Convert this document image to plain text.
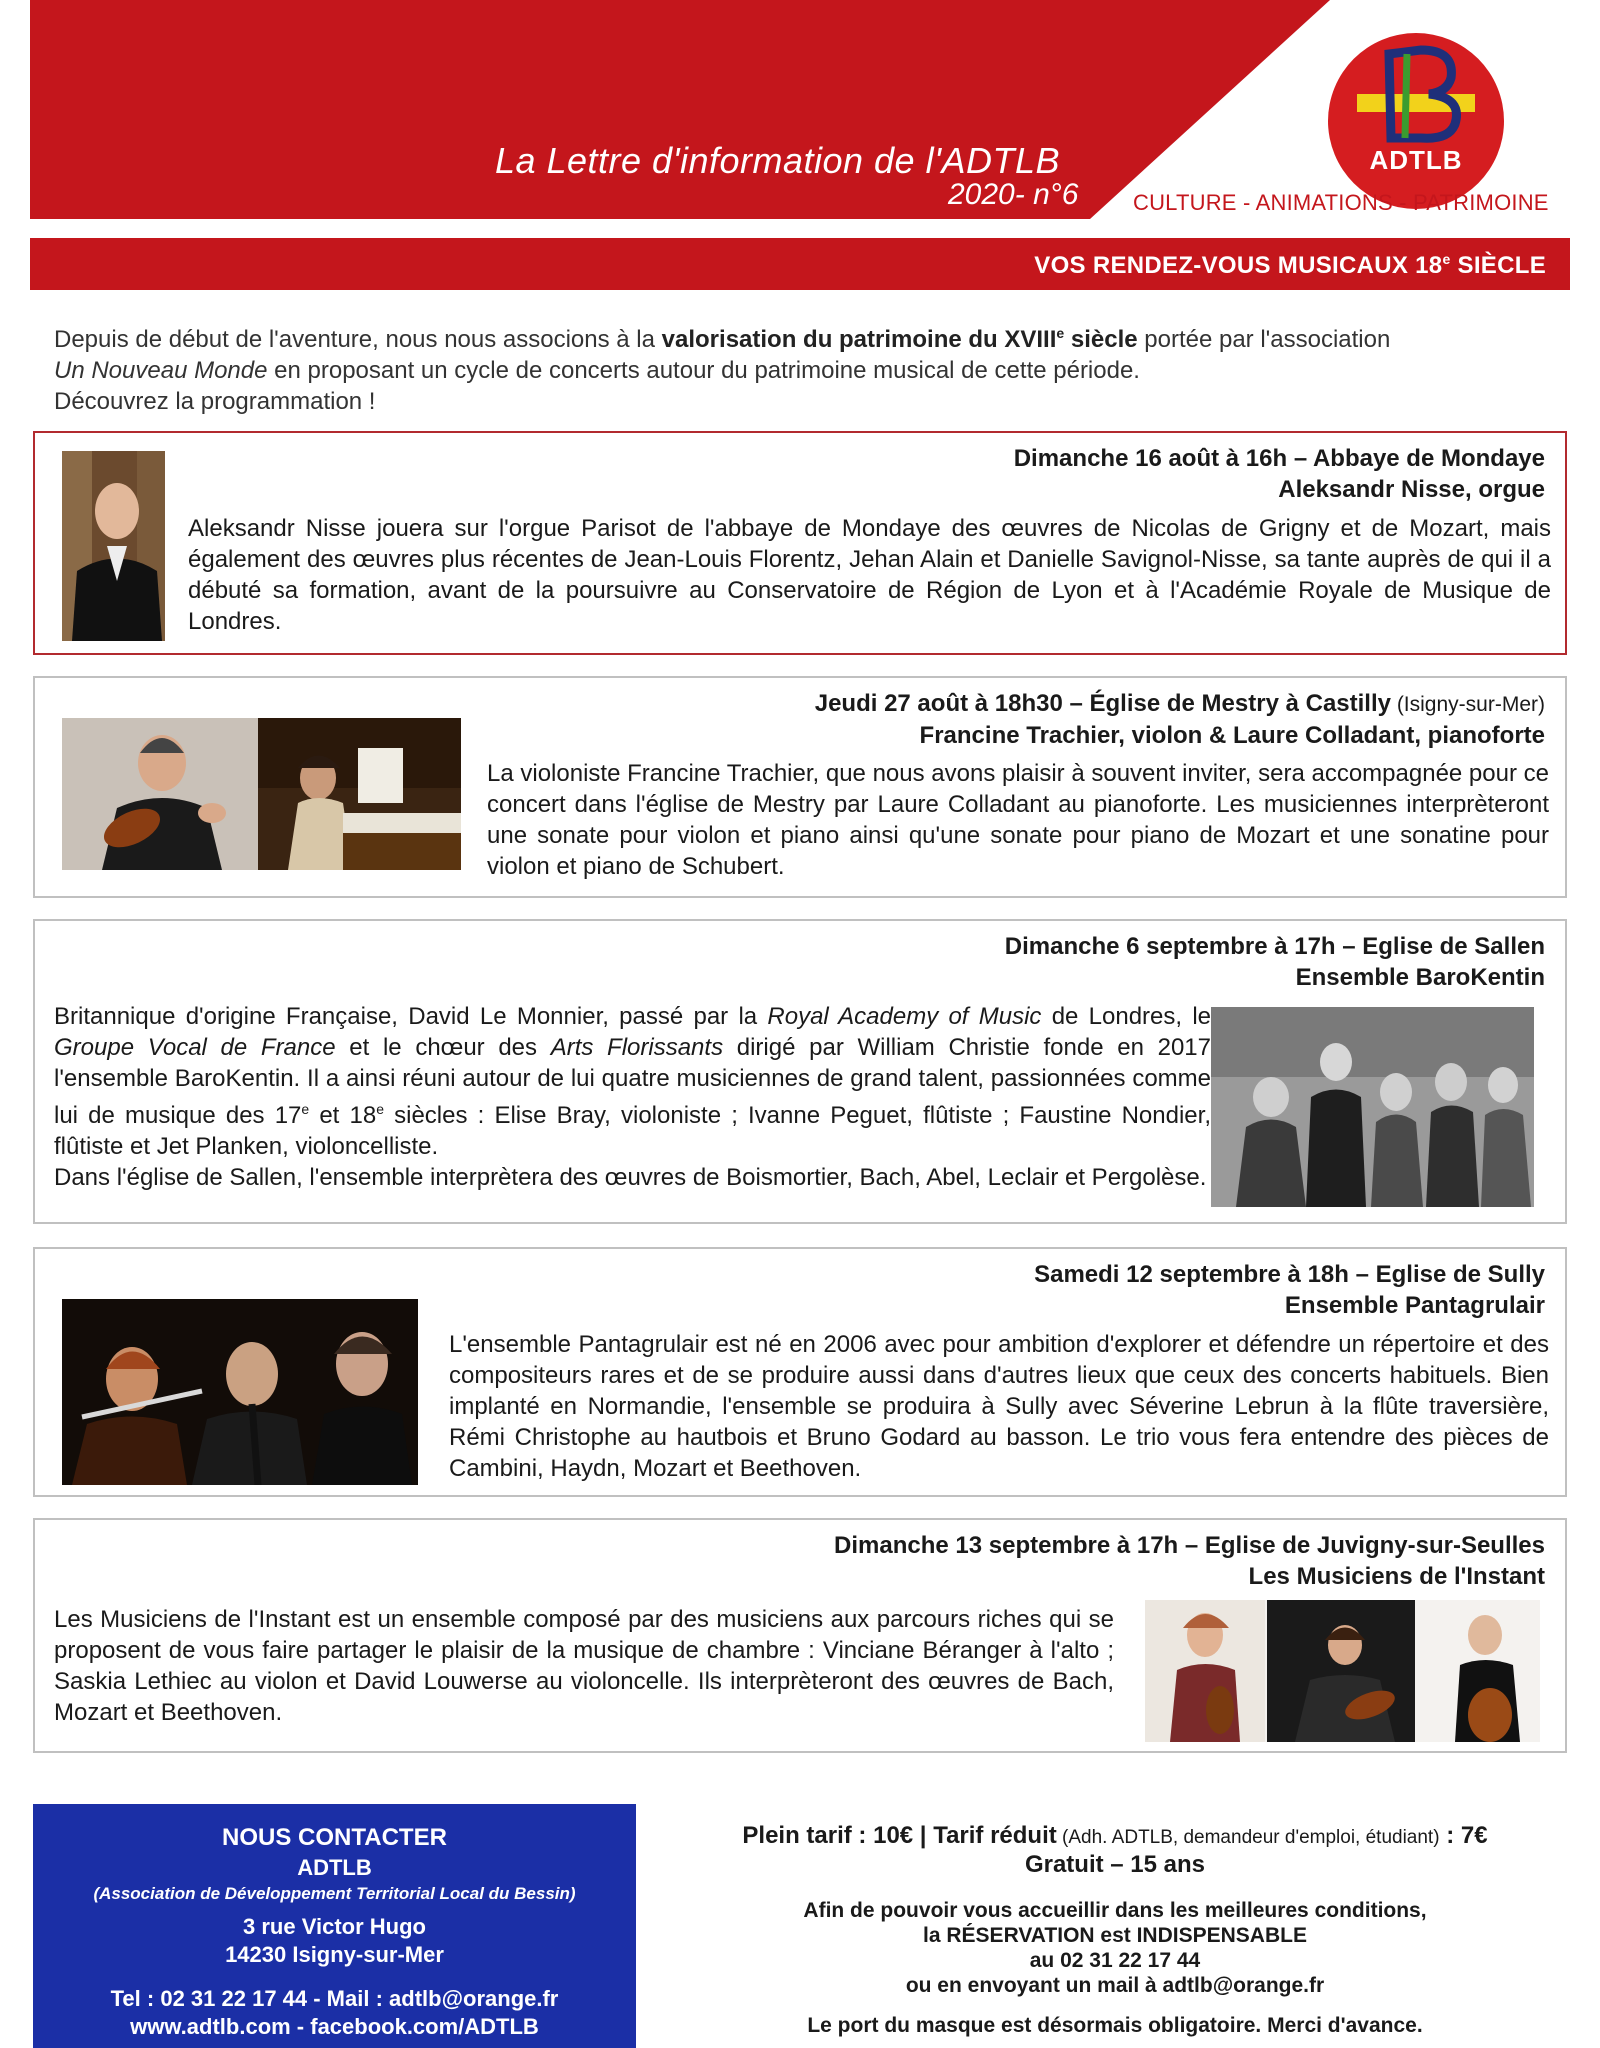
La Lettre d'information de l'ADTLB
2020- n°6
ADTLB
CULTURE - ANIMATIONS - PATRIMOINE
VOS RENDEZ-VOUS MUSICAUX 18e SIÈCLE
Depuis de début de l'aventure, nous nous associons à la valorisation du patrimoine du XVIIIe siècle portée par l'association
Un Nouveau Monde en proposant un cycle de concerts autour du patrimoine musical de cette période.
Découvrez la programmation !
Dimanche 16 août à 16h – Abbaye de Mondaye
Aleksandr Nisse, orgue
Aleksandr Nisse jouera sur l'orgue Parisot de l'abbaye de Mondaye des œuvres de Nicolas de Grigny et de Mozart, mais également des œuvres plus récentes de Jean-Louis Florentz, Jehan Alain et Danielle Savignol-Nisse, sa tante auprès de qui il a débuté sa formation, avant de la poursuivre au Conservatoire de Région de Lyon et à l'Académie Royale de Musique de Londres.
Jeudi 27 août à 18h30 – Église de Mestry à Castilly (Isigny-sur-Mer)
Francine Trachier, violon & Laure Colladant, pianoforte
La violoniste Francine Trachier, que nous avons plaisir à souvent inviter, sera accompagnée pour ce concert dans l'église de Mestry par Laure Colladant au pianoforte. Les musiciennes interprèteront une sonate pour violon et piano ainsi qu'une sonate pour piano de Mozart et une sonatine pour violon et piano de Schubert.
Dimanche 6 septembre à 17h – Eglise de Sallen
Ensemble BaroKentin
Britannique d'origine Française, David Le Monnier, passé par la Royal Academy of Music de Londres, le Groupe Vocal de France et le chœur des Arts Florissants dirigé par William Christie fonde en 2017 l'ensemble BaroKentin. Il a ainsi réuni autour de lui quatre musiciennes de grand talent, passionnées comme lui de musique des 17e et 18e siècles : Elise Bray, violoniste ; Ivanne Peguet, flûtiste ; Faustine Nondier, flûtiste et Jet Planken, violoncelliste.
Dans l'église de Sallen, l'ensemble interprètera des œuvres de Boismortier, Bach, Abel, Leclair et Pergolèse.
Samedi 12 septembre à 18h – Eglise de Sully
Ensemble Pantagrulair
L'ensemble Pantagrulair est né en 2006 avec pour ambition d'explorer et défendre un répertoire et des compositeurs rares et de se produire aussi dans d'autres lieux que ceux des concerts habituels. Bien implanté en Normandie, l'ensemble se produira à Sully avec Séverine Lebrun à la flûte traversière, Rémi Christophe au hautbois et Bruno Godard au basson. Le trio vous fera entendre des pièces de Cambini, Haydn, Mozart et Beethoven.
Dimanche 13 septembre à 17h – Eglise de Juvigny-sur-Seulles
Les Musiciens de l'Instant
Les Musiciens de l'Instant est un ensemble composé par des musiciens aux parcours riches qui se proposent de vous faire partager le plaisir de la musique de chambre : Vinciane Béranger à l'alto ; Saskia Lethiec au violon et David Louwerse au violoncelle. Ils interprèteront des œuvres de Bach, Mozart et Beethoven.
NOUS CONTACTER
ADTLB
(Association de Développement Territorial Local du Bessin)
3 rue Victor Hugo
14230 Isigny-sur-Mer
Tel : 02 31 22 17 44 - Mail : adtlb@orange.fr
www.adtlb.com - facebook.com/ADTLB
Plein tarif : 10€ | Tarif réduit (Adh. ADTLB, demandeur d'emploi, étudiant) : 7€
Gratuit – 15 ans
Afin de pouvoir vous accueillir dans les meilleures conditions,
la RÉSERVATION est INDISPENSABLE
au 02 31 22 17 44
ou en envoyant un mail à adtlb@orange.fr
Le port du masque est désormais obligatoire. Merci d'avance.
